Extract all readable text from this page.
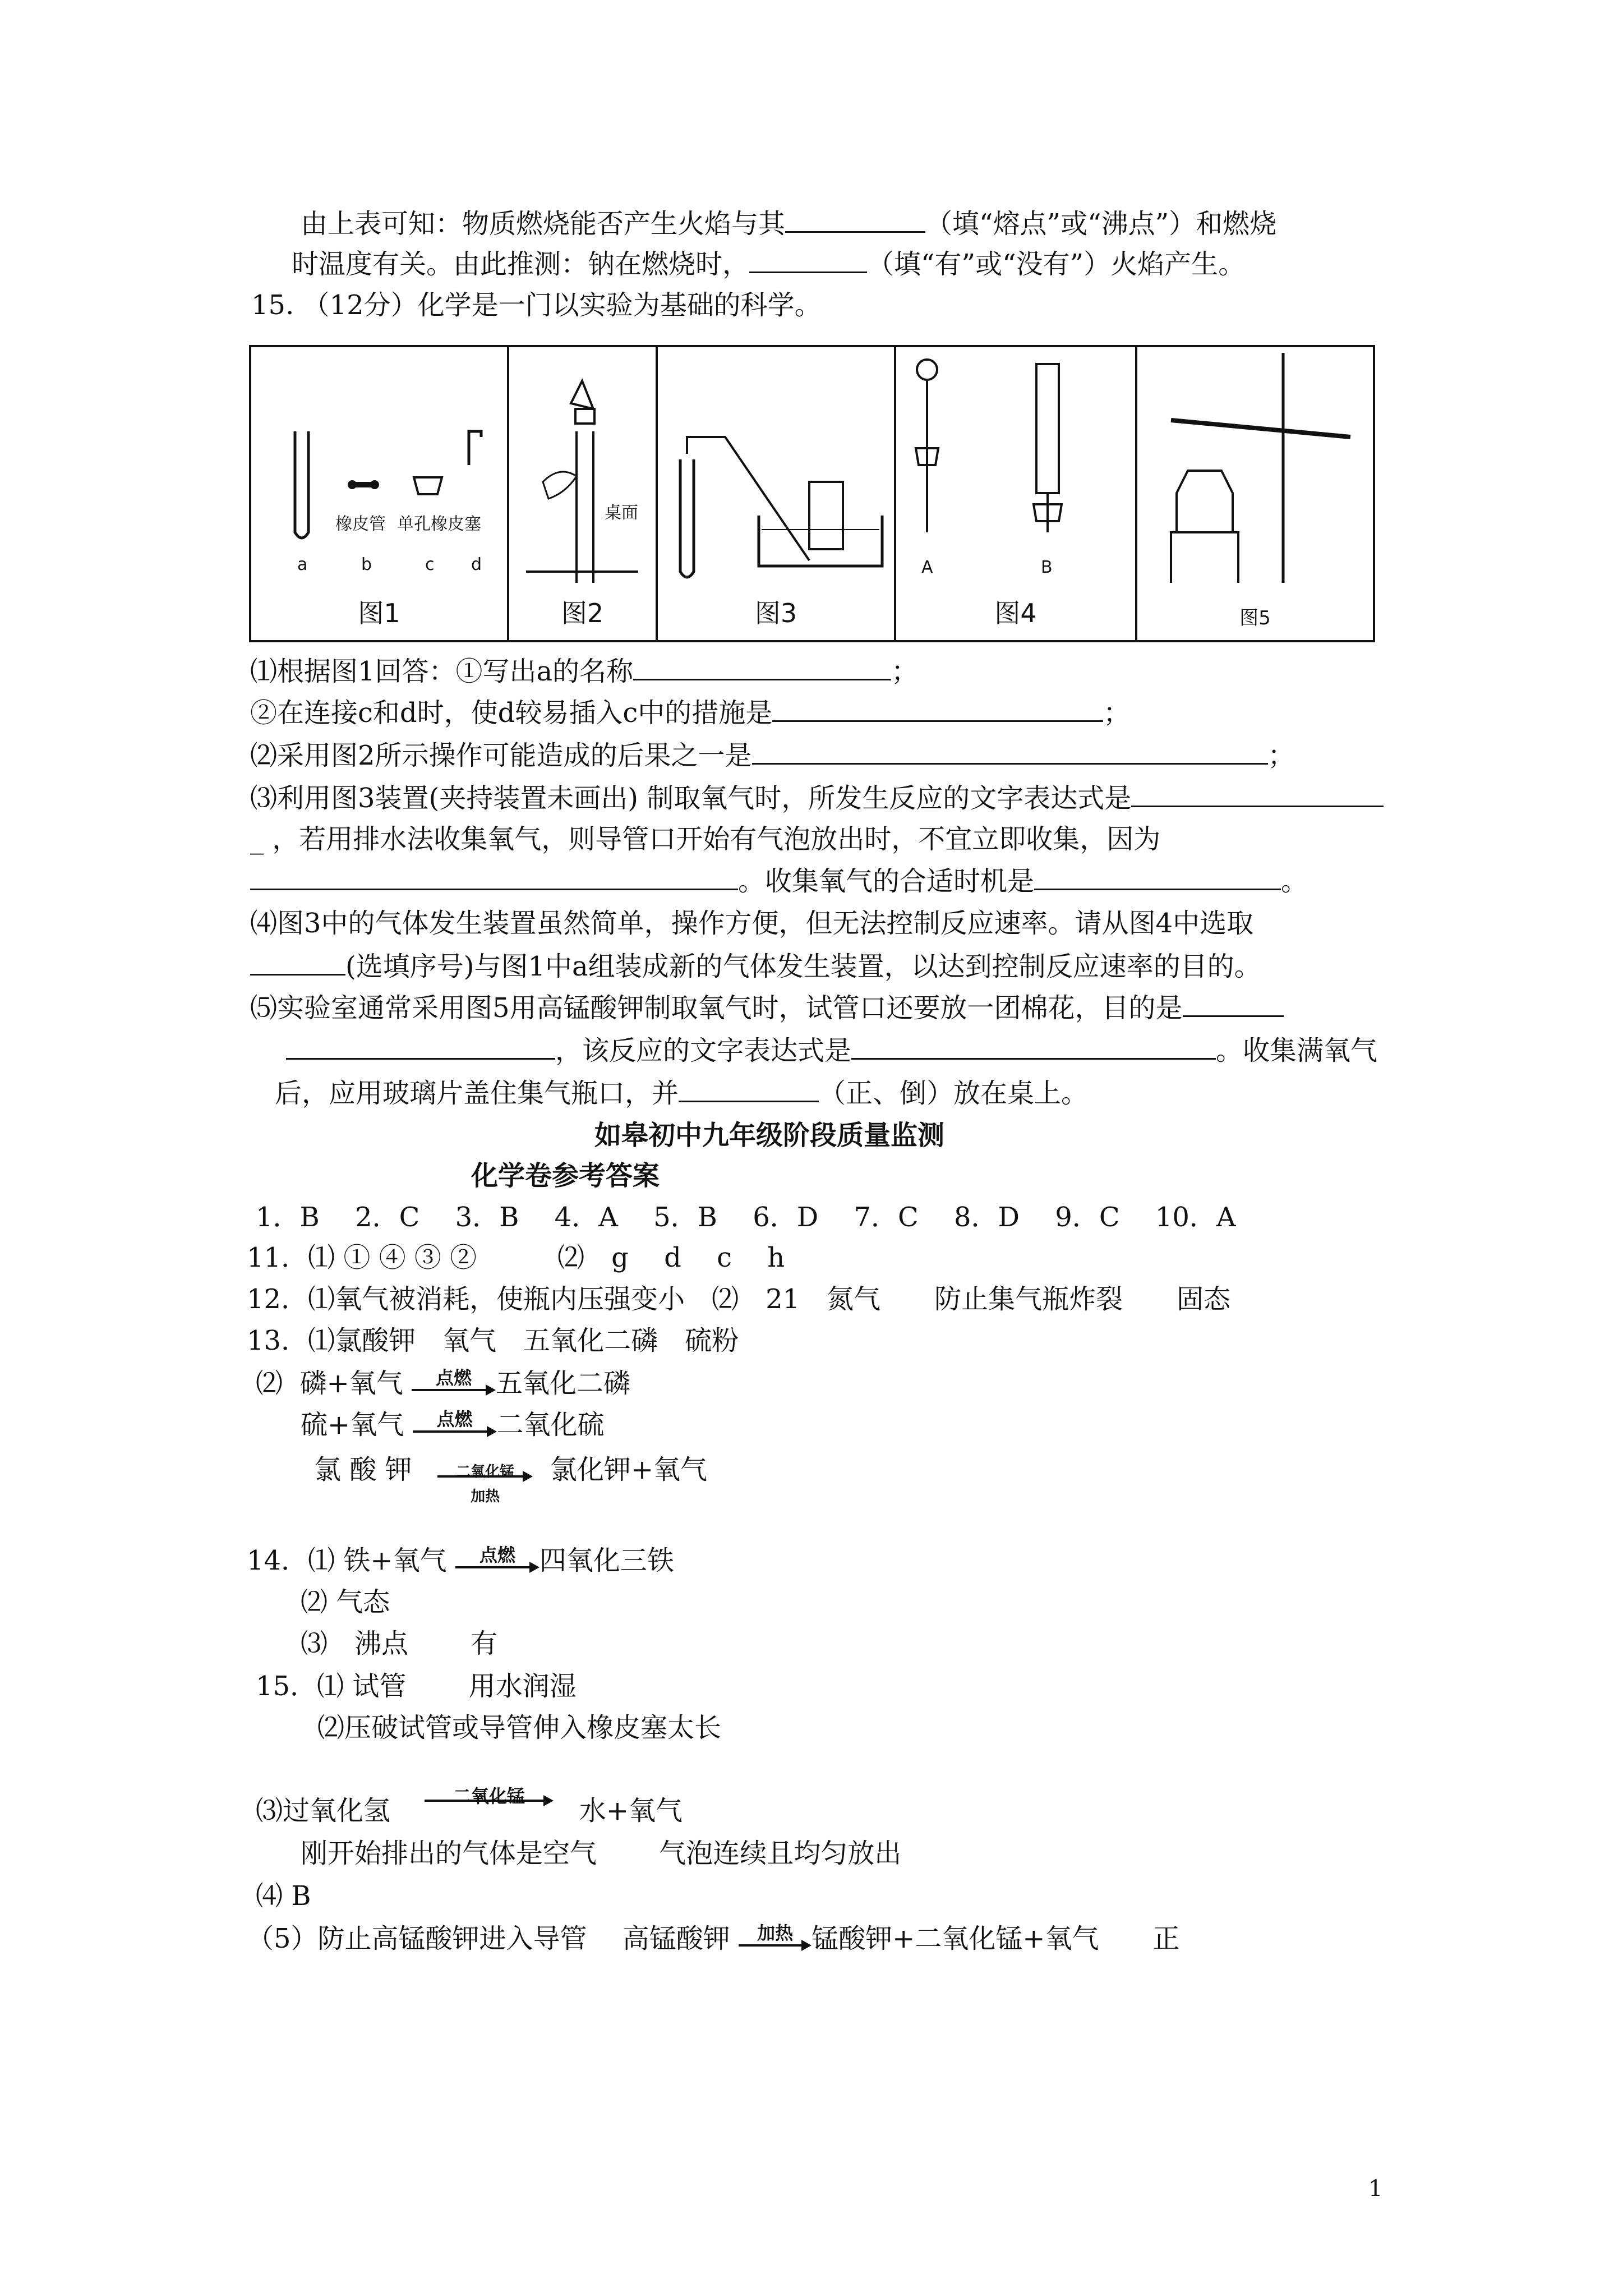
由上表可知：物质燃烧能否产生火焰与其	（填“熔点”或“沸点”）和燃烧
时温度有关。由此推测：钠在燃烧时，	（填“有”或“没有”）火焰产生。
15. （12分）化学是一门以实验为基础的科学。
橡皮管 单孔橡皮塞
a	b	c d
图1
桌面
图2	图3
A	B
图4	图5
⑴根据图1回答：①写出a的名称	；
②在连接c和d时，使d较易插入c中的措施是	；
⑵采用图2所示操作可能造成的后果之一是	；
⑶利用图3装置(夹持装置未画出) 制取氧气时，所发生反应的文字表达式是
_ ，若用排水法收集氧气，则导管口开始有气泡放出时，不宜立即收集，因为
。收集氧气的合适时机是	。
⑷图3中的气体发生装置虽然简单，操作方便，但无法控制反应速率。请从图4中选取
(选填序号)与图1中a组装成新的气体发生装置，以达到控制反应速率的目的。
⑸实验室通常采用图5用高锰酸钾制取氧气时，试管口还要放一团棉花，目的是
，该反应的文字表达式是	。收集满氧气
后，应用玻璃片盖住集气瓶口，并	（正、倒）放在桌上。
如皋初中九年级阶段质量监测
化学卷参考答案
1．B　 2．C　 3．B　 4．A　 5．B　 6．D　 7．C　 8．D　 9．C　 10．A
11．⑴ ① ④ ③ ②　　　⑵　g　 d　 c　 h
12．⑴氧气被消耗，使瓶内压强变小　⑵　21　氮气　　防止集气瓶炸裂　　固态
13．⑴氯酸钾　氧气　五氧化二磷　硫粉
⑵ 磷+氧气	点燃 五氧化二磷
硫+氧气	点燃 二氧化硫
氯 酸 钾	二氧化锰
加热
氯化钾+氧气
14．⑴ 铁+氧气	点燃 四氧化三铁
⑵ 气态
⑶　沸点　　 有
15．⑴ 试管　　 用水润湿
⑵压破试管或导管伸入橡皮塞太长
⑶过氧化氢	二氧化锰	水+氧气
刚开始排出的气体是空气　　 气泡连续且均匀放出
⑷ B
（5）防止高锰酸钾进入导管　 高锰酸钾	加热 锰酸钾+二氧化锰+氧气　　正
1
